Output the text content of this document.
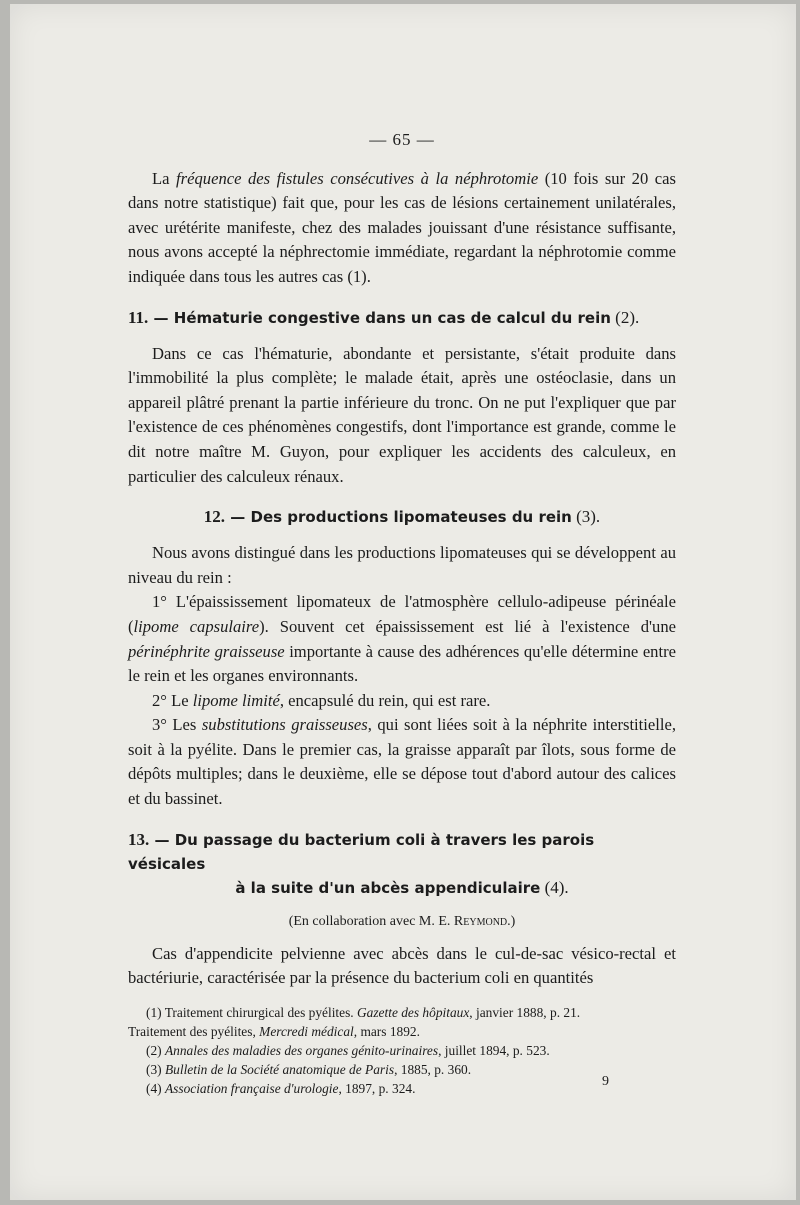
— 65 —

La fréquence des fistules consécutives à la néphrotomie (10 fois sur 20 cas dans notre statistique) fait que, pour les cas de lésions certainement unilatérales, avec urétérite manifeste, chez des malades jouissant d'une résistance suffisante, nous avons accepté la néphrectomie immédiate, regardant la néphrotomie comme indiquée dans tous les autres cas (1).

11. — Hématurie congestive dans un cas de calcul du rein (2).

Dans ce cas l'hématurie, abondante et persistante, s'était produite dans l'immobilité la plus complète; le malade était, après une ostéoclasie, dans un appareil plâtré prenant la partie inférieure du tronc. On ne put l'expliquer que par l'existence de ces phénomènes congestifs, dont l'importance est grande, comme le dit notre maître M. Guyon, pour expliquer les accidents des calculeux, en particulier des calculeux rénaux.

12. — Des productions lipomateuses du rein (3).

Nous avons distingué dans les productions lipomateuses qui se développent au niveau du rein :

1° L'épaississement lipomateux de l'atmosphère cellulo-adipeuse périnéale (lipome capsulaire). Souvent cet épaississement est lié à l'existence d'une périnéphrite graisseuse importante à cause des adhérences qu'elle détermine entre le rein et les organes environnants.

2° Le lipome limité, encapsulé du rein, qui est rare.

3° Les substitutions graisseuses, qui sont liées soit à la néphrite interstitielle, soit à la pyélite. Dans le premier cas, la graisse apparaît par îlots, sous forme de dépôts multiples; dans le deuxième, elle se dépose tout d'abord autour des calices et du bassinet.

13. — Du passage du bacterium coli à travers les parois vésicales
à la suite d'un abcès appendiculaire (4).
(En collaboration avec M. E. Reymond.)

Cas d'appendicite pelvienne avec abcès dans le cul-de-sac vésico-rectal et bactériurie, caractérisée par la présence du bacterium coli en quantités

(1) Traitement chirurgical des pyélites. Gazette des hôpitaux, janvier 1888, p. 21.
Traitement des pyélites, Mercredi médical, mars 1892.
(2) Annales des maladies des organes génito-urinaires, juillet 1894, p. 523.
(3) Bulletin de la Société anatomique de Paris, 1885, p. 360.
(4) Association française d'urologie, 1897, p. 324.	9
